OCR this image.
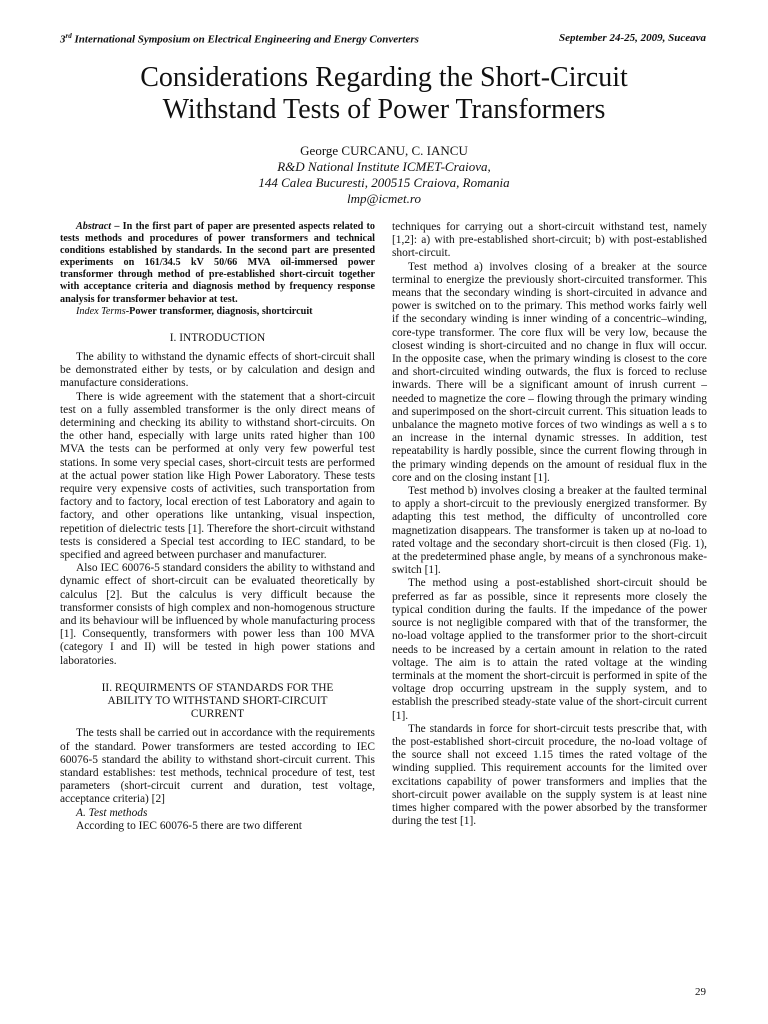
3rd International Symposium on Electrical Engineering and Energy Converters	September 24-25, 2009, Suceava
Considerations Regarding the Short-Circuit
Withstand Tests of Power Transformers
George CURCANU, C. IANCU
R&D National Institute ICMET-Craiova,
144 Calea Bucuresti, 200515 Craiova, Romania
lmp@icmet.ro

Abstract – In the first part of paper are presented aspects related to tests methods and procedures of power transformers and technical conditions established by standards. In the second part are presented experiments on 161/34.5 kV 50/66 MVA oil-immersed power transformer through method of pre-established short-circuit together with acceptance criteria and diagnosis method by frequency response analysis for transformer behavior at test.

Index Terms-Power transformer, diagnosis, shortcircuit

I. INTRODUCTION

The ability to withstand the dynamic effects of short-circuit shall be demonstrated either by tests, or by calculation and design and manufacture considerations.

There is wide agreement with the statement that a short-circuit test on a fully assembled transformer is the only direct means of determining and checking its ability to withstand short-circuits. On the other hand, especially with large units rated higher than 100 MVA the tests can be performed at only very few powerful test stations. In some very special cases, short-circuit tests are performed at the actual power station like High Power Laboratory. These tests require very expensive costs of activities, such transportation from factory and to factory, local erection of test Laboratory and again to factory, and other operations like untanking, visual inspection, repetition of dielectric tests [1]. Therefore the short-circuit withstand tests is considered a Special test according to IEC standard, to be specified and agreed between purchaser and manufacturer.

Also IEC 60076-5 standard considers the ability to withstand and dynamic effect of short-circuit can be evaluated theoretically by calculus [2]. But the calculus is very difficult because the transformer consists of high complex and non-homogenous structure and its behaviour will be influenced by whole manufacturing process [1]. Consequently, transformers with power less than 100 MVA (category I and II) will be tested in high power stations and laboratories.

II. REQUIRMENTS OF STANDARDS FOR THE
ABILITY TO WITHSTAND SHORT-CIRCUIT
CURRENT

The tests shall be carried out in accordance with the requirements of the standard. Power transformers are tested according to IEC 60076-5 standard the ability to withstand short-circuit current. This standard establishes: test methods, technical procedure of test, test parameters (short-circuit current and duration, test voltage, acceptance criteria) [2]

A. Test methods

According to IEC 60076-5 there are two different

techniques for carrying out a short-circuit withstand test, namely [1,2]: a) with pre-established short-circuit; b) with post-established short-circuit.

Test method a) involves closing of a breaker at the source terminal to energize the previously short-circuited transformer. This means that the secondary winding is short-circuited in advance and power is switched on to the primary. This method works fairly well if the secondary winding is inner winding of a concentric–winding, core-type transformer. The core flux will be very low, because the closest winding is short-circuited and no change in flux will occur. In the opposite case, when the primary winding is closest to the core and short-circuited winding outwards, the flux is forced to recluse inwards. There will be a significant amount of inrush current – needed to magnetize the core – flowing through the primary winding and superimposed on the short-circuit current. This situation leads to unbalance the magneto motive forces of two windings as well a s to an increase in the internal dynamic stresses. In addition, test repeatability is hardly possible, since the current flowing through in the primary winding depends on the amount of residual flux in the core and on the closing instant [1].

Test method b) involves closing a breaker at the faulted terminal to apply a short-circuit to the previously energized transformer. By adapting this test method, the difficulty of uncontrolled core magnetization disappears. The transformer is taken up at no-load to rated voltage and the secondary short-circuit is then closed (Fig. 1), at the predetermined phase angle, by means of a synchronous make-switch [1].

The method using a post-established short-circuit should be preferred as far as possible, since it represents more closely the typical condition during the faults. If the impedance of the power source is not negligible compared with that of the transformer, the no-load voltage applied to the transformer prior to the short-circuit needs to be increased by a certain amount in relation to the rated voltage. The aim is to attain the rated voltage at the winding terminals at the moment the short-circuit is performed in spite of the voltage drop occurring upstream in the supply system, and to establish the prescribed steady-state value of the short-circuit current [1].

The standards in force for short-circuit tests prescribe that, with the post-established short-circuit procedure, the no-load voltage of the source shall not exceed 1.15 times the rated voltage of the winding supplied. This requirement accounts for the limited over excitations capability of power transformers and implies that the short-circuit power available on the supply system is at least nine times higher compared with the power absorbed by the transformer during the test [1].

29
